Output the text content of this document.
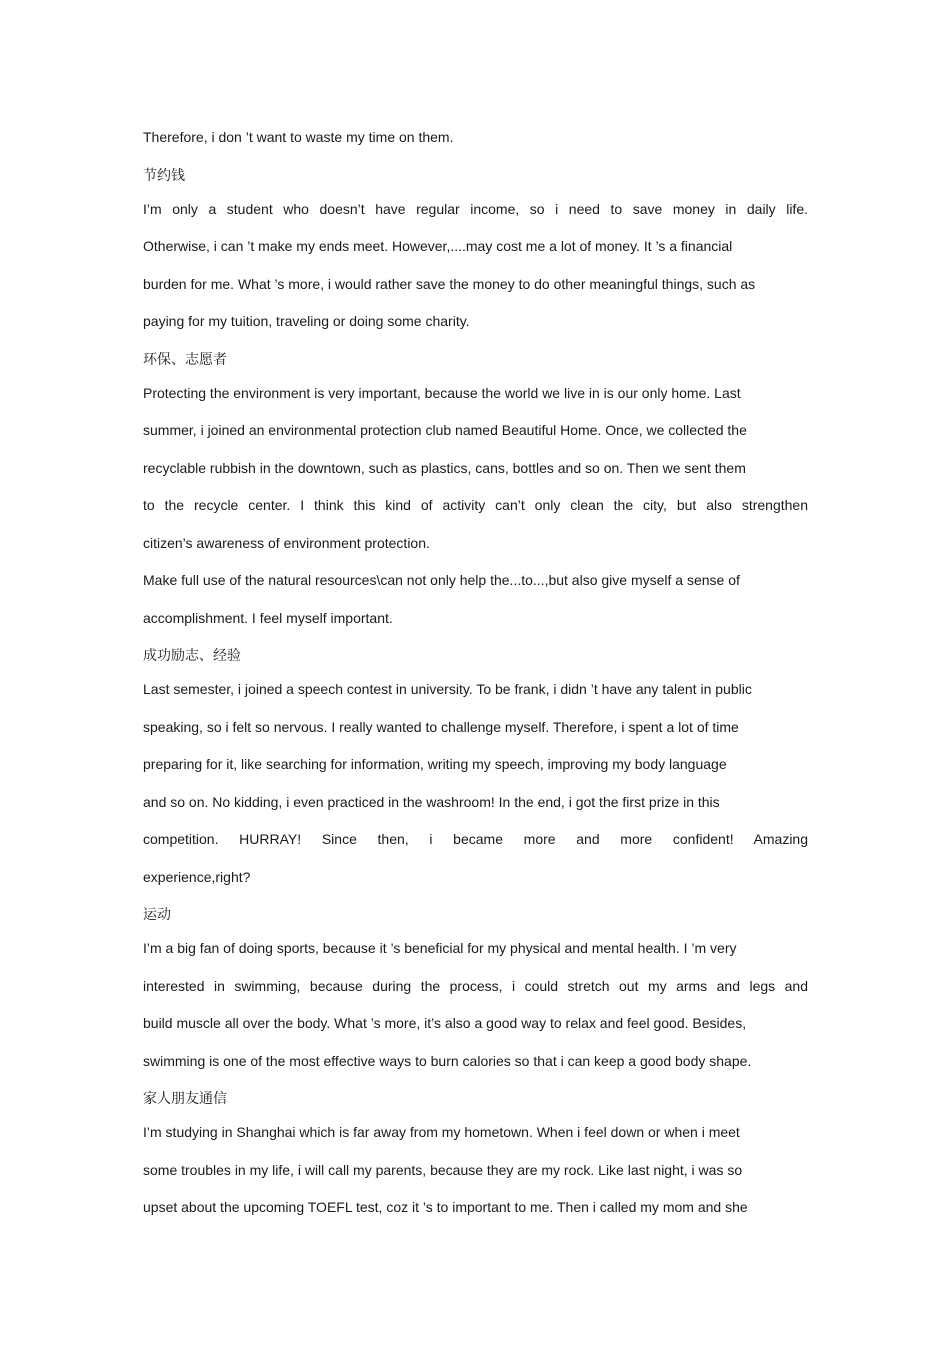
Therefore, i don ’t want to waste my time on them.
节约钱
I’m only a student who doesn’t have regular income, so i need to save money in daily life.
Otherwise, i can ’t make my ends meet. However,....may cost me a lot of money. It ’s a financial
burden for me. What ’s more, i would rather save the money to do other meaningful things, such as
paying for my tuition, traveling or doing some charity.
环保、志愿者
Protecting the environment is very important, because the world we live in is our only home. Last
summer, i joined an environmental protection club named Beautiful Home. Once, we collected the
recyclable rubbish in the downtown, such as plastics, cans, bottles and so on. Then we sent them
to the recycle center. I think this kind of activity can’t only clean the city, but also strengthen
citizen’s awareness of environment protection.
Make full use of the natural resources\can not only help the...to...,but also give myself a sense of
accomplishment. I feel myself important.
成功励志、经验
Last semester, i joined a speech contest in university. To be frank, i didn ’t have any talent in public
speaking, so i felt so nervous. I really wanted to challenge myself. Therefore, i spent a lot of time
preparing for it, like searching for information, writing my speech, improving my body language
and so on. No kidding, i even practiced in the washroom! In the end, i got the first prize in this
competition. HURRAY! Since then, i became more and more confident! Amazing
experience,right?
运动
I’m a big fan of doing sports, because it ’s beneficial for my physical and mental health. I ’m very
interested in swimming, because during the process, i could stretch out my arms and legs and
build muscle all over the body. What ’s more, it’s also a good way to relax and feel good. Besides,
swimming is one of the most effective ways to burn calories so that i can keep a good body shape.
家人朋友通信
I’m studying in Shanghai which is far away from my hometown. When i feel down or when i meet
some troubles in my life, i will call my parents, because they are my rock. Like last night, i was so
upset about the upcoming TOEFL test, coz it ’s to important to me. Then i called my mom and she
